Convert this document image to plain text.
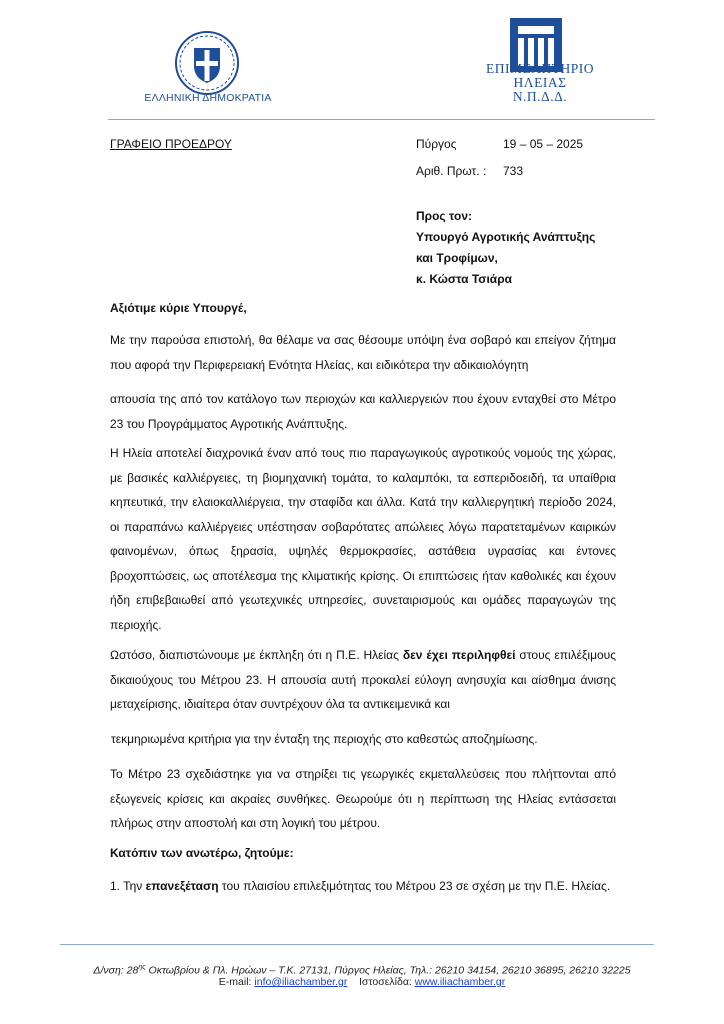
ΕΛΛΗΝΙΚΗ ΔΗΜΟΚΡΑΤΙΑ
ΕΠΙΜΕΛΗΤΗΡΙΟ
ΗΛΕΙΑΣ
Ν.Π.Δ.Δ.
ΓΡΑΦΕΙΟ ΠΡΟΕΔΡΟΥ	Πύργος	19 – 05 – 2025
Αριθ. Πρωτ. : 733
Προς τον:
Υπουργό Αγροτικής Ανάπτυξης
και Τροφίμων,
κ. Κώστα Τσιάρα
Αξιότιμε κύριε Υπουργέ,

Με την παρούσα επιστολή, θα θέλαμε να σας θέσουμε υπόψη ένα σοβαρό και επείγον ζήτημα που αφορά την Περιφερειακή Ενότητα Ηλείας, και ειδικότερα την αδικαιολόγητη

απουσία της από τον κατάλογο των περιοχών και καλλιεργειών που έχουν ενταχθεί στο Μέτρο 23 του Προγράμματος Αγροτικής Ανάπτυξης.

Η Ηλεία αποτελεί διαχρονικά έναν από τους πιο παραγωγικούς αγροτικούς νομούς της χώρας, με βασικές καλλιέργειες, τη βιομηχανική τομάτα, το καλαμπόκι, τα εσπεριδοειδή, τα υπαίθρια κηπευτικά, την ελαιοκαλλιέργεια, την σταφίδα και άλλα. Κατά την καλλιεργητική περίοδο 2024, οι παραπάνω καλλιέργειες υπέστησαν σοβαρότατες απώλειες λόγω παρατεταμένων καιρικών φαινομένων, όπως ξηρασία, υψηλές θερμοκρασίες, αστάθεια υγρασίας και έντονες βροχοπτώσεις, ως αποτέλεσμα της κλιματικής κρίσης. Οι επιπτώσεις ήταν καθολικές και έχουν ήδη επιβεβαιωθεί από γεωτεχνικές υπηρεσίες, συνεταιρισμούς και ομάδες παραγωγών της περιοχής.

Ωστόσο, διαπιστώνουμε με έκπληξη ότι η Π.Ε. Ηλείας δεν έχει περιληφθεί στους επιλέξιμους δικαιούχους του Μέτρου 23. Η απουσία αυτή προκαλεί εύλογη ανησυχία και αίσθημα άνισης μεταχείρισης, ιδιαίτερα όταν συντρέχουν όλα τα αντικειμενικά και

τεκμηριωμένα κριτήρια για την ένταξη της περιοχής στο καθεστώς αποζημίωσης.

Το Μέτρο 23 σχεδιάστηκε για να στηρίξει τις γεωργικές εκμεταλλεύσεις που πλήττονται από εξωγενείς κρίσεις και ακραίες συνθήκες. Θεωρούμε ότι η περίπτωση της Ηλείας εντάσσεται πλήρως στην αποστολή και στη λογική του μέτρου.

Κατόπιν των ανωτέρω, ζητούμε:
1. Την επανεξέταση του πλαισίου επιλεξιμότητας του Μέτρου 23 σε σχέση με την Π.Ε. Ηλείας.
Δ/νση: $28^{\eta\varsigma}$ Οκτωβρίου & Πλ. Ηρώων – Τ.Κ. 27131, Πύργος Ηλείας, Τηλ.: 26210 34154, 26210 36895, 26210 32225
E-mail: info@iliachamber.gr Ιστοσελίδα: www.iliachamber.gr
